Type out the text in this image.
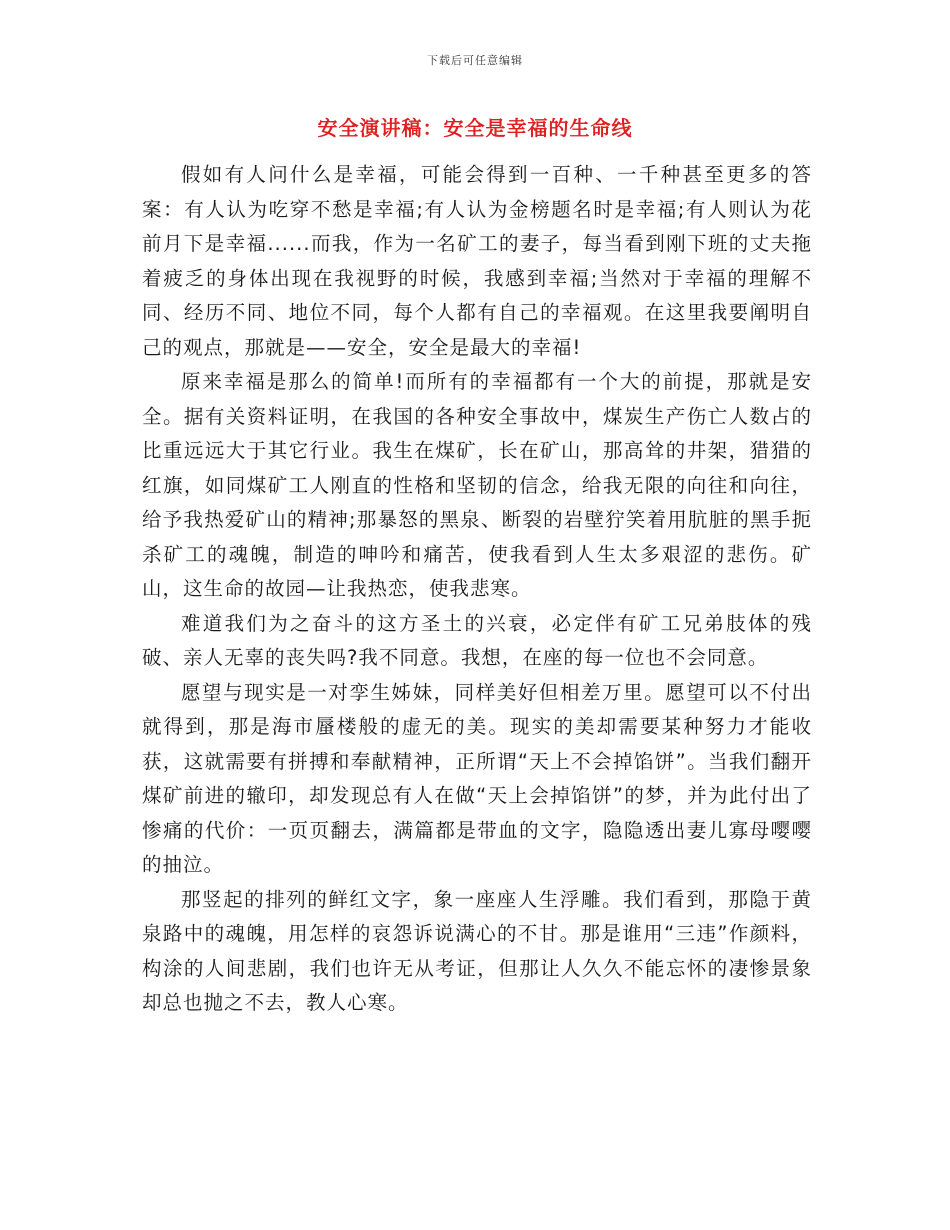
下载后可任意编辑
安全演讲稿：安全是幸福的生命线

假如有人问什么是幸福，可能会得到一百种、一千种甚至更多的答案：有人认为吃穿不愁是幸福;有人认为金榜题名时是幸福;有人则认为花前月下是幸福......而我，作为一名矿工的妻子，每当看到刚下班的丈夫拖着疲乏的身体出现在我视野的时候，我感到幸福;当然对于幸福的理解不同、经历不同、地位不同，每个人都有自己的幸福观。在这里我要阐明自己的观点，那就是——安全，安全是最大的幸福!

原来幸福是那么的简单!而所有的幸福都有一个大的前提，那就是安全。据有关资料证明，在我国的各种安全事故中，煤炭生产伤亡人数占的比重远远大于其它行业。我生在煤矿，长在矿山，那高耸的井架，猎猎的红旗，如同煤矿工人刚直的性格和坚韧的信念，给我无限的向往和向往，给予我热爱矿山的精神;那暴怒的黑泉、断裂的岩壁狞笑着用肮脏的黑手扼杀矿工的魂魄，制造的呻吟和痛苦，使我看到人生太多艰涩的悲伤。矿山，这生命的故园—让我热恋，使我悲寒。

难道我们为之奋斗的这方圣土的兴衰，必定伴有矿工兄弟肢体的残破、亲人无辜的丧失吗?我不同意。我想，在座的每一位也不会同意。

愿望与现实是一对孪生姊妹，同样美好但相差万里。愿望可以不付出就得到，那是海市蜃楼般的虚无的美。现实的美却需要某种努力才能收获，这就需要有拼搏和奉献精神，正所谓“天上不会掉馅饼”。当我们翻开煤矿前进的辙印，却发现总有人在做“天上会掉馅饼”的梦，并为此付出了惨痛的代价：一页页翻去，满篇都是带血的文字，隐隐透出妻儿寡母嘤嘤的抽泣。

那竖起的排列的鲜红文字，象一座座人生浮雕。我们看到，那隐于黄泉路中的魂魄，用怎样的哀怨诉说满心的不甘。那是谁用“三违”作颜料，构涂的人间悲剧，我们也许无从考证，但那让人久久不能忘怀的凄惨景象却总也抛之不去，教人心寒。
